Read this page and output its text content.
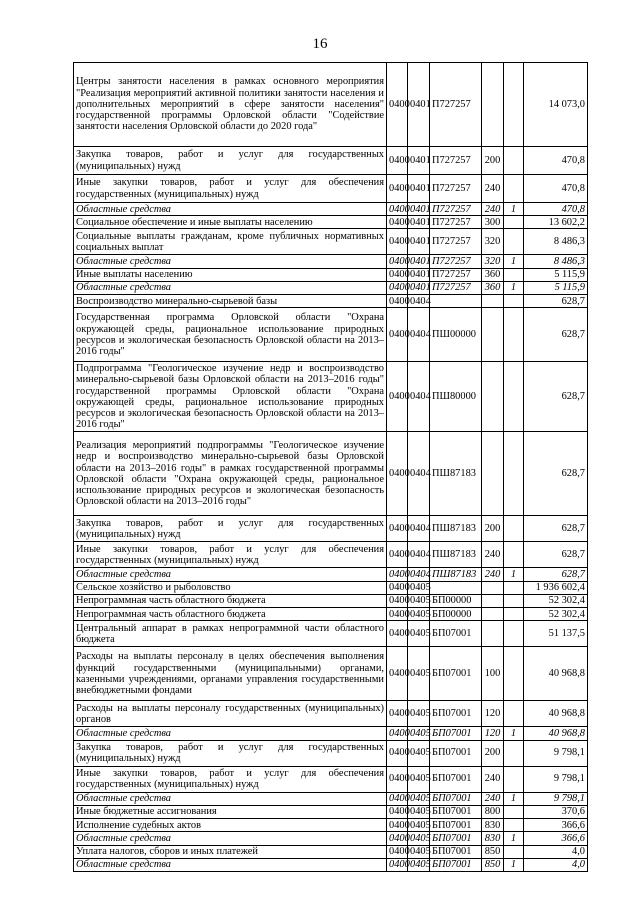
16
Центры занятости населения в рамках основного мероприятия "Реализация мероприятий активной политики занятости населения и дополнительных мероприятий в сфере занятости населения" государственной программы Орловской области "Содействие занятости населения Орловской области до 2020 года"	0400	0401	П727257			14 073,0
Закупка товаров, работ и услуг для государственных (муниципальных) нужд	0400	0401	П727257	200		470,8
Иные закупки товаров, работ и услуг для обеспечения государственных (муниципальных) нужд	0400	0401	П727257	240		470,8
Областные средства	0400	0401	П727257	240	1	470,8
Социальное обеспечение и иные выплаты населению	0400	0401	П727257	300		13 602,2
Социальные выплаты гражданам, кроме публичных нормативных социальных выплат	0400	0401	П727257	320		8 486,3
Областные средства	0400	0401	П727257	320	1	8 486,3
Иные выплаты населению	0400	0401	П727257	360		5 115,9
Областные средства	0400	0401	П727257	360	1	5 115,9
Воспроизводство минерально-сырьевой базы	0400	0404				628,7
Государственная программа Орловской области "Охрана окружающей среды, рациональное использование природных ресурсов и экологическая безопасность Орловской области на 2013–2016 годы"	0400	0404	ПШ00000			628,7
Подпрограмма "Геологическое изучение недр и воспроизводство минерально-сырьевой базы Орловской области на 2013–2016 годы" государственной программы Орловской области "Охрана окружающей среды, рациональное использование природных ресурсов и экологическая безопасность Орловской области на 2013–2016 годы"	0400	0404	ПШ80000			628,7
Реализация мероприятий подпрограммы "Геологическое изучение недр и воспроизводство минерально-сырьевой базы Орловской области на 2013–2016 годы" в рамках государственной программы Орловской области "Охрана окружающей среды, рациональное использование природных ресурсов и экологическая безопасность Орловской области на 2013–2016 годы"	0400	0404	ПШ87183			628,7
Закупка товаров, работ и услуг для государственных (муниципальных) нужд	0400	0404	ПШ87183	200		628,7
Иные закупки товаров, работ и услуг для обеспечения государственных (муниципальных) нужд	0400	0404	ПШ87183	240		628,7
Областные средства	0400	0404	ПШ87183	240	1	628,7
Сельское хозяйство и рыболовство	0400	0405				1 936 602,4
Непрограммная часть областного бюджета	0400	0405	БП00000			52 302,4
Непрограммная часть областного бюджета	0400	0405	БП00000			52 302,4
Центральный аппарат в рамках непрограммной части областного бюджета	0400	0405	БП07001			51 137,5
Расходы на выплаты персоналу в целях обеспечения выполнения функций государственными (муниципальными) органами, казенными учреждениями, органами управления государственными внебюджетными фондами	0400	0405	БП07001	100		40 968,8
Расходы на выплаты персоналу государственных (муниципальных) органов	0400	0405	БП07001	120		40 968,8
Областные средства	0400	0405	БП07001	120	1	40 968,8
Закупка товаров, работ и услуг для государственных (муниципальных) нужд	0400	0405	БП07001	200		9 798,1
Иные закупки товаров, работ и услуг для обеспечения государственных (муниципальных) нужд	0400	0405	БП07001	240		9 798,1
Областные средства	0400	0405	БП07001	240	1	9 798,1
Иные бюджетные ассигнования	0400	0405	БП07001	800		370,6
Исполнение судебных актов	0400	0405	БП07001	830		366,6
Областные средства	0400	0405	БП07001	830	1	366,6
Уплата налогов, сборов и иных платежей	0400	0405	БП07001	850		4,0
Областные средства	0400	0405	БП07001	850	1	4,0
